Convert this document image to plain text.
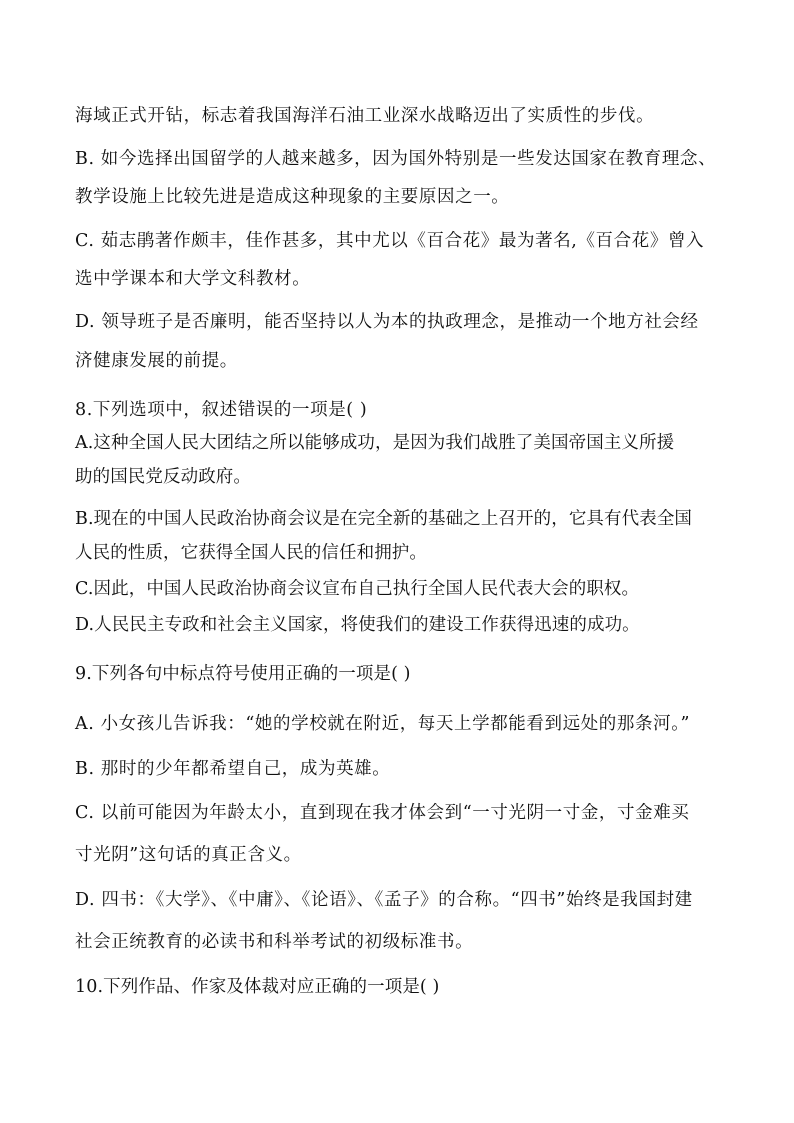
海域正式开钻，标志着我国海洋石油工业深水战略迈出了实质性的步伐。
B. 如今选择出国留学的人越来越多，因为国外特别是一些发达国家在教育理念、
教学设施上比较先进是造成这种现象的主要原因之一。
C. 茹志鹃著作颇丰，佳作甚多，其中尤以《百合花》最为著名,《百合花》曾入
选中学课本和大学文科教材。
D. 领导班子是否廉明，能否坚持以人为本的执政理念，是推动一个地方社会经
济健康发展的前提。
8.下列选项中，叙述错误的一项是( )
A.这种全国人民大团结之所以能够成功，是因为我们战胜了美国帝国主义所援
助的国民党反动政府。
B.现在的中国人民政治协商会议是在完全新的基础之上召开的，它具有代表全国
人民的性质，它获得全国人民的信任和拥护。
C.因此，中国人民政治协商会议宣布自己执行全国人民代表大会的职权。
D.人民民主专政和社会主义国家，将使我们的建设工作获得迅速的成功。
9.下列各句中标点符号使用正确的一项是( )
A. 小女孩儿告诉我：“她的学校就在附近，每天上学都能看到远处的那条河。”
B. 那时的少年都希望自己，成为英雄。
C. 以前可能因为年龄太小，直到现在我才体会到“一寸光阴一寸金，寸金难买
寸光阴”这句话的真正含义。
D. 四书：《大学》、《中庸》、《论语》、《孟子》的合称。“四书”始终是我国封建
社会正统教育的必读书和科举考试的初级标准书。
10.下列作品、作家及体裁对应正确的一项是( )
